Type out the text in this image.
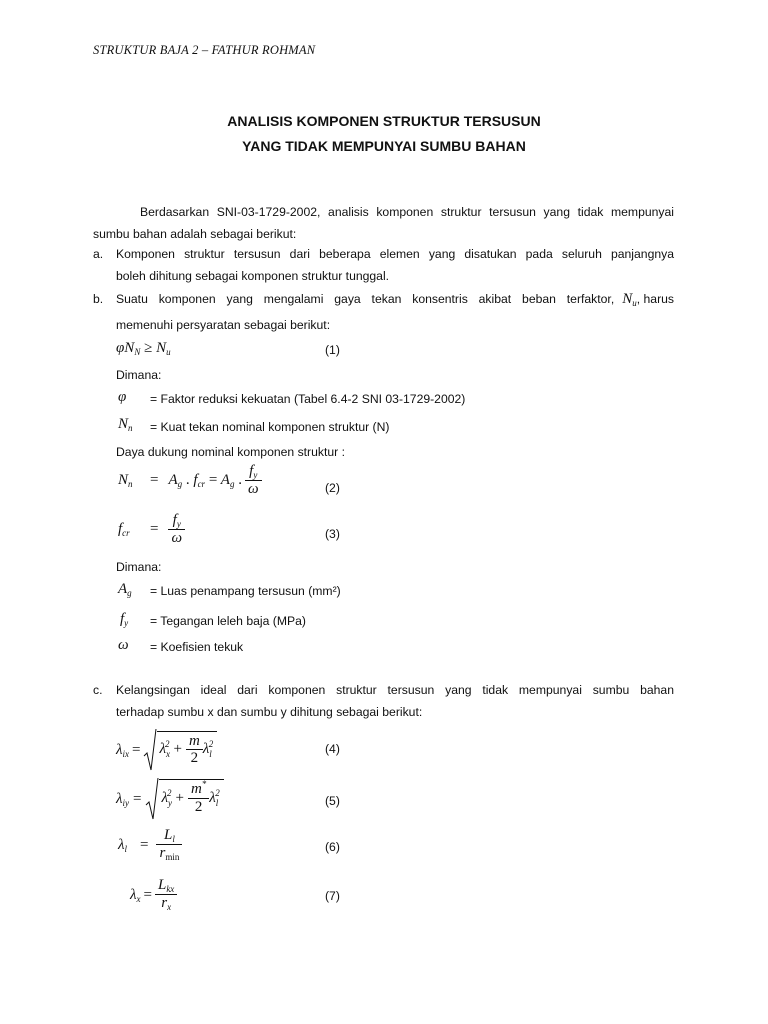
STRUKTUR BAJA 2 – FATHUR ROHMAN
ANALISIS KOMPONEN STRUKTUR TERSUSUN
YANG TIDAK MEMPUNYAI SUMBU BAHAN
Berdasarkan SNI-03-1729-2002, analisis komponen struktur tersusun yang tidak mempunyai
sumbu bahan adalah sebagai berikut:
a. Komponen struktur tersusun dari beberapa elemen yang disatukan pada seluruh panjangnya
boleh dihitung sebagai komponen struktur tunggal.
b. Suatu komponen yang mengalami gaya tekan konsentris akibat beban terfaktor, $N_u$ , harus
memenuhi persyaratan sebagai berikut:
$\varphi N_N \ge N_u$	(1)
Dimana:
φ = Faktor reduksi kekuatan (Tabel 6.4-2 SNI 03-1729-2002)
$N_n$ = Kuat tekan nominal komponen struktur (N)
Daya dukung nominal komponen struktur :
$N_n$	= $A_g$ . $f_{cr} = A_g$ . $\frac{f_y}{\omega}$	(2)
$f_{cr}$	= $\frac{f_y}{\omega}$	(3)
Dimana:
$A_g$ = Luas penampang tersusun (mm²)
$f_y$ = Tegangan leleh baja (MPa)
ω = Koefisien tekuk
c. Kelangsingan ideal dari komponen struktur tersusun yang tidak mempunyai sumbu bahan
terhadap sumbu x dan sumbu y dihitung sebagai berikut:
$\lambda_{ix} = \lambda$ x
$2 + \frac{m}{2}$ λ l
2	(4)
$\lambda_{iy} = \lambda$ y
$2 + \frac{m^*}{2}$ λ l
2
(5)
$\lambda_l = \frac{L_l}{r_{min}}$	(6)
$\lambda_x = \frac{L_{kx}}{r_x}$	(7)
